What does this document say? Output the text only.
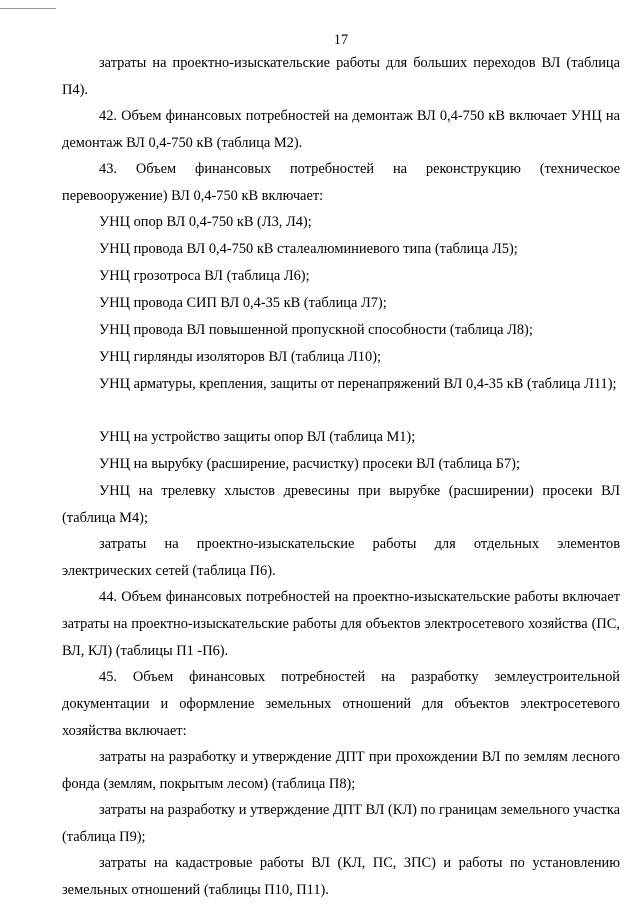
17
затраты на проектно-изыскательские работы для больших переходов ВЛ (таблица П4).
42. Объем финансовых потребностей на демонтаж ВЛ 0,4-750 кВ включает УНЦ на демонтаж ВЛ 0,4-750 кВ (таблица М2).
43. Объем финансовых потребностей на реконструкцию (техническое перевооружение) ВЛ 0,4-750 кВ включает:
УНЦ опор ВЛ 0,4-750 кВ (Л3, Л4);
УНЦ провода ВЛ 0,4-750 кВ сталеалюминиевого типа (таблица Л5);
УНЦ грозотроса ВЛ (таблица Л6);
УНЦ провода СИП ВЛ 0,4-35 кВ (таблица Л7);
УНЦ провода ВЛ повышенной пропускной способности (таблица Л8);
УНЦ гирлянды изоляторов ВЛ (таблица Л10);
УНЦ арматуры, крепления, защиты от перенапряжений ВЛ 0,4-35 кВ (таблица Л11);
УНЦ на устройство защиты опор ВЛ (таблица М1);
УНЦ на вырубку (расширение, расчистку) просеки ВЛ (таблица Б7);
УНЦ на трелевку хлыстов древесины при вырубке (расширении) просеки ВЛ (таблица М4);
затраты на проектно-изыскательские работы для отдельных элементов электрических сетей (таблица П6).
44. Объем финансовых потребностей на проектно-изыскательские работы включает затраты на проектно-изыскательские работы для объектов электросетевого хозяйства (ПС, ВЛ, КЛ) (таблицы П1 -П6).
45. Объем финансовых потребностей на разработку землеустроительной документации и оформление земельных отношений для объектов электросетевого хозяйства включает:
затраты на разработку и утверждение ДПТ при прохождении ВЛ по землям лесного фонда (землям, покрытым лесом) (таблица П8);
затраты на разработку и утверждение ДПТ ВЛ (КЛ) по границам земельного участка (таблица П9);
затраты на кадастровые работы ВЛ (КЛ, ПС, ЗПС) и работы по установлению земельных отношений (таблицы П10, П11).
